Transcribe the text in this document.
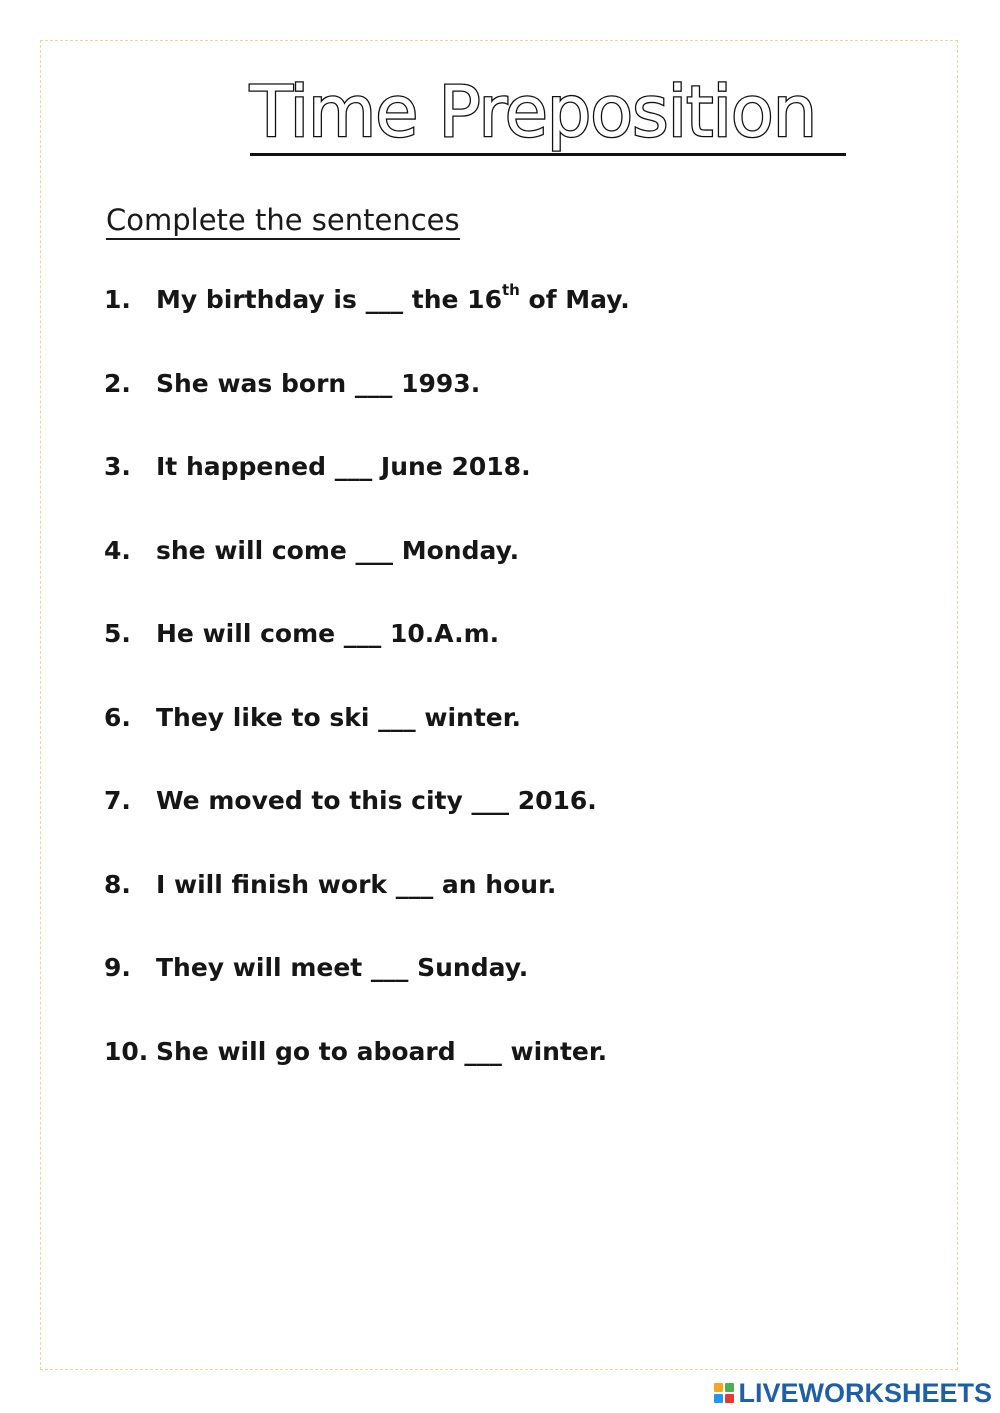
Time Preposition
Complete the sentences
1.	My birthday is ___ the 16th of May.
2.	She was born ___ 1993.
3.	It happened ___ June 2018.
4.	she will come ___ Monday.
5.	He will come ___ 10.A.m.
6.	They like to ski ___ winter.
7.	We moved to this city ___ 2016.
8.	I will finish work ___ an hour.
9.	They will meet ___ Sunday.
10. She will go to aboard ___ winter.
LIVEWORKSHEETS
